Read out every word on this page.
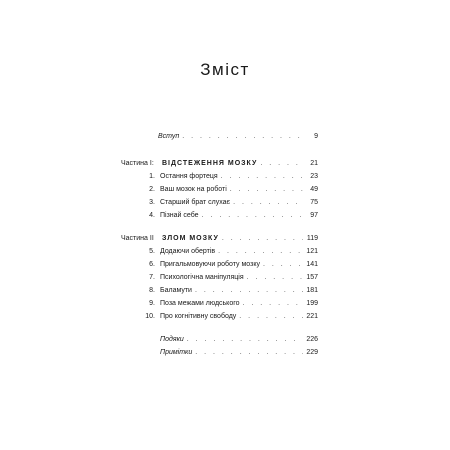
Зміст
Вступ . . .	9
Частина I: ВІДСТЕЖЕННЯ МОЗКУ . . .	21
1. Остання фортеця . . .	23
2. Ваш мозок на роботі . . .	49
3. Старший брат слухає . . .	75
4. Пізнай себе . . .	97
Частина II ЗЛОМ МОЗКУ . . .	119
5. Додаючи обертів . . .	121
6. Пригальмовуючи роботу мозку . . .	141
7. Психологічна маніпуляція . . .	157
8. Баламути . . .	181
9. Поза межами людського . . .	199
10. Про когнітивну свободу . . .	221
Подяки . . .	226
Примітки . . .	229
